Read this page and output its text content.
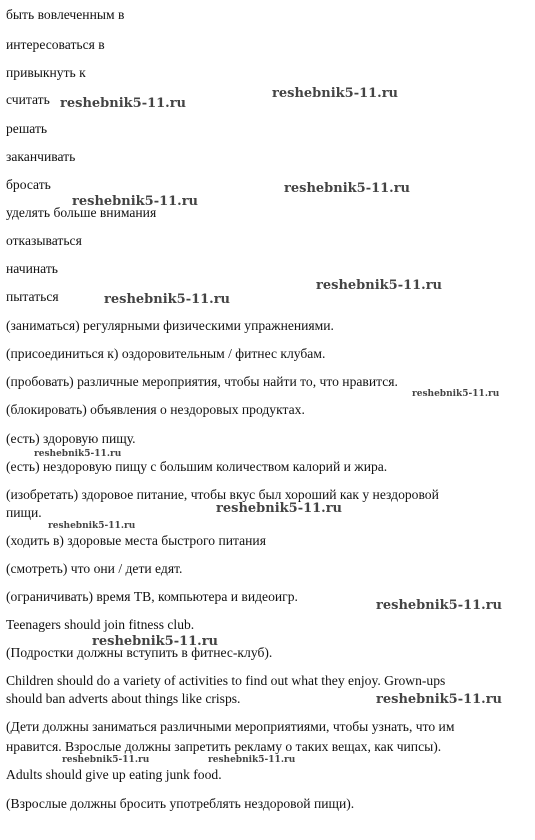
быть вовлеченным в
интересоваться в
привыкнуть к
считать
решать
заканчивать
бросать
уделять больше внимания
отказываться
начинать
пытаться
(заниматься) регулярными физическими упражнениями.
(присоединиться к) оздоровительным / фитнес клубам.
(пробовать) различные мероприятия, чтобы найти то, что нравится.
(блокировать) объявления о нездоровых продуктах.
(есть) здоровую пищу.
(есть) нездоровую пищу с большим количеством калорий и жира.
(изобретать) здоровое питание, чтобы вкус был хороший как у нездоровой
пищи.
(ходить в) здоровые места быстрого питания
(смотреть) что они / дети едят.
(ограничивать) время ТВ, компьютера и видеоигр.
Teenagers should join fitness club.
(Подростки должны вступить в фитнес-клуб).
Children should do a variety of activities to find out what they enjoy. Grown-ups
should ban adverts about things like crisps.
(Дети должны заниматься различными мероприятиями, чтобы узнать, что им
нравится. Взрослые должны запретить рекламу о таких вещах, как чипсы).
Adults should give up eating junk food.
(Взрослые должны бросить употреблять нездоровой пищи).
reshebnik5-11.ru
reshebnik5-11.ru
reshebnik5-11.ru
reshebnik5-11.ru
reshebnik5-11.ru
reshebnik5-11.ru
reshebnik5-11.ru
reshebnik5-11.ru
reshebnik5-11.ru
reshebnik5-11.ru
reshebnik5-11.ru
reshebnik5-11.ru
reshebnik5-11.ru
reshebnik5-11.ru	reshebnik5-11.ru
